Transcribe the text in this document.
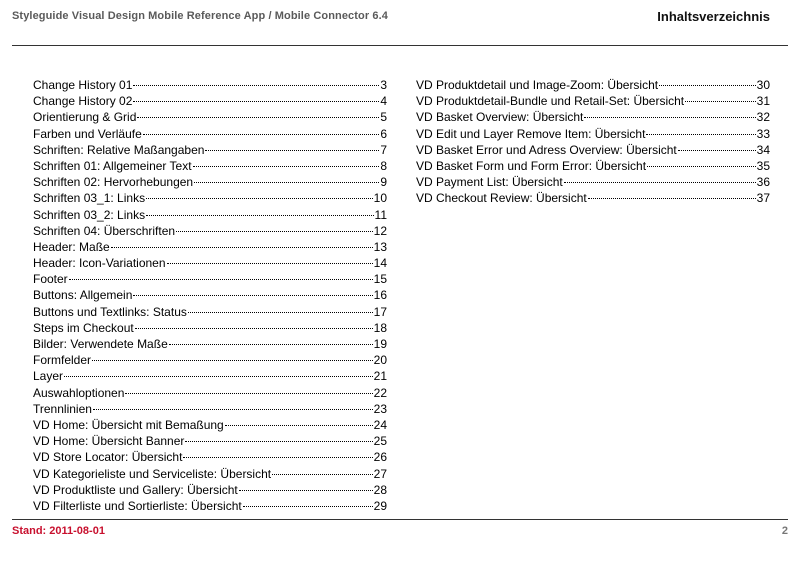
Styleguide Visual Design Mobile Reference App / Mobile Connector 6.4	Inhaltsverzeichnis
Change History 01	3
Change History 02	4
Orientierung & Grid	5
Farben und Verläufe	6
Schriften: Relative Maßangaben	7
Schriften 01: Allgemeiner Text	8
Schriften 02: Hervorhebungen	9
Schriften 03_1: Links	10
Schriften 03_2: Links	11
Schriften 04: Überschriften	12
Header: Maße	13
Header: Icon-Variationen	14
Footer	15
Buttons: Allgemein	16
Buttons und Textlinks: Status	17
Steps im Checkout	18
Bilder: Verwendete Maße	19
Formfelder	20
Layer	21
Auswahloptionen	22
Trennlinien	23
VD Home: Übersicht mit Bemaßung	24
VD Home: Übersicht Banner	25
VD Store Locator: Übersicht	26
VD Kategorieliste und Serviceliste: Übersicht	27
VD Produktliste und Gallery: Übersicht	28
VD Filterliste und Sortierliste: Übersicht	29
VD Produktdetail und Image-Zoom: Übersicht	30
VD Produktdetail-Bundle und Retail-Set: Übersicht	31
VD Basket Overview: Übersicht	32
VD Edit und Layer Remove Item: Übersicht	33
VD Basket Error und Adress Overview: Übersicht	34
VD Basket Form und Form Error: Übersicht	35
VD Payment List: Übersicht	36
VD Checkout Review: Übersicht	37
Stand: 2011-08-01	2
